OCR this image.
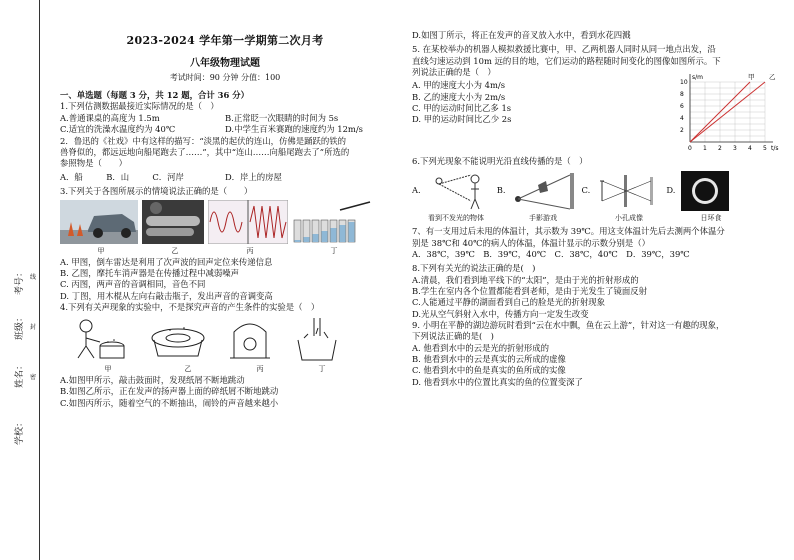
考号：
班级：
姓名：
学校：
线
封
密
2023-2024 学年第一学期第二次月考
八年级物理试题
考试时间：90 分钟 分值：100
一、单选题（每题 3 分，共 12 题，合计 36 分）

1.下列估测数据最接近实际情况的是（　）

A.普通课桌的高度为 1.5m	B.正常眨一次眼睛的时间为 5s
C.适宜的洗澡水温度约为 40℃	D.中学生百米赛跑的速度约为 12m/s

2．鲁迅的《社戏》中有这样的描写：“淡黑的起伏的连山，仿佛是踊跃的铁的

兽脊似的，都远远地向船尾跑去了……”，其中“连山……向船尾跑去了”所选的

参照物是（　　）

A．船	B．山	C．河岸	D．岸上的房屋

3.下列关于各图所展示的情境说法正确的是（　　）

甲	乙	丙	丁

A. 甲图，倒车雷达是利用了次声波的回声定位来传递信息

B. 乙图，摩托车消声器是在传播过程中减弱噪声

C. 丙图，两声音的音调相同，音色不同

D. 丁图，用木棍从左向右敲击瓶子，发出声音的音调变高

4.下列有关声现象的实验中，不是探究声音的产生条件的实验是（　）

甲	乙	丙	丁

A.如图甲所示，敲击鼓面时，发现纸屑不断地跳动

B.如图乙所示，正在发声的扬声器上面的碎纸屑不断地跳动

C.如图丙所示，随着空气的不断抽出，闹铃的声音越来越小

D.如图丁所示，将正在发声的音叉放入水中，看到水花四溅

5. 在某校举办的机器人模拟救援比赛中，甲、乙两机器人同时从同一地点出发，沿

直线匀速运动到 10m 远的目的地，它们运动的路程随时间变化的图像如图所示。下

列说法正确的是（　）

A. 甲的速度大小为 4m/s

B. 乙的速度大小为 2m/s

C. 甲的运动时间比乙多 1s

D. 甲的运动时间比乙少 2s

t/s
s/m
0 1 2 3 4 5
2
4
6
8
10
甲 乙

6.下列光现象不能说明光沿直线传播的是（　）

A.	B.	C.	D.
看到不发光的物体	手影游戏	小孔成像	日环食

7、有一支用过后未甩的体温计，其示数为 39℃。用这支体温计先后去测两个体温分

别是 38℃和 40℃的病人的体温，体温计显示的示数分别是（）

A．38℃，39℃　B．39℃，40℃　C．38℃，40℃　D．39℃，39℃

8.下列有关光的说法正确的是(　)

A.清晨，我们看到地平线下的“太阳”，是由于光的折射形成的

B.学生在室内各个位置都能看到老师，是由于光发生了镜面反射

C.人能通过平静的湖面看到自己的脸是光的折射现象

D.光从空气斜射入水中，传播方向一定发生改变

9. 小明在平静的湖边游玩时看到“云在水中飘，鱼在云上游”，针对这一有趣的现象，

下列说法正确的是(　)

A. 他看到水中的云是光的折射形成的

B. 他看到水中的云是真实的云所成的虚像

C. 他看到水中的鱼是真实的鱼所成的实像

D. 他看到水中的位置比真实的鱼的位置变深了
